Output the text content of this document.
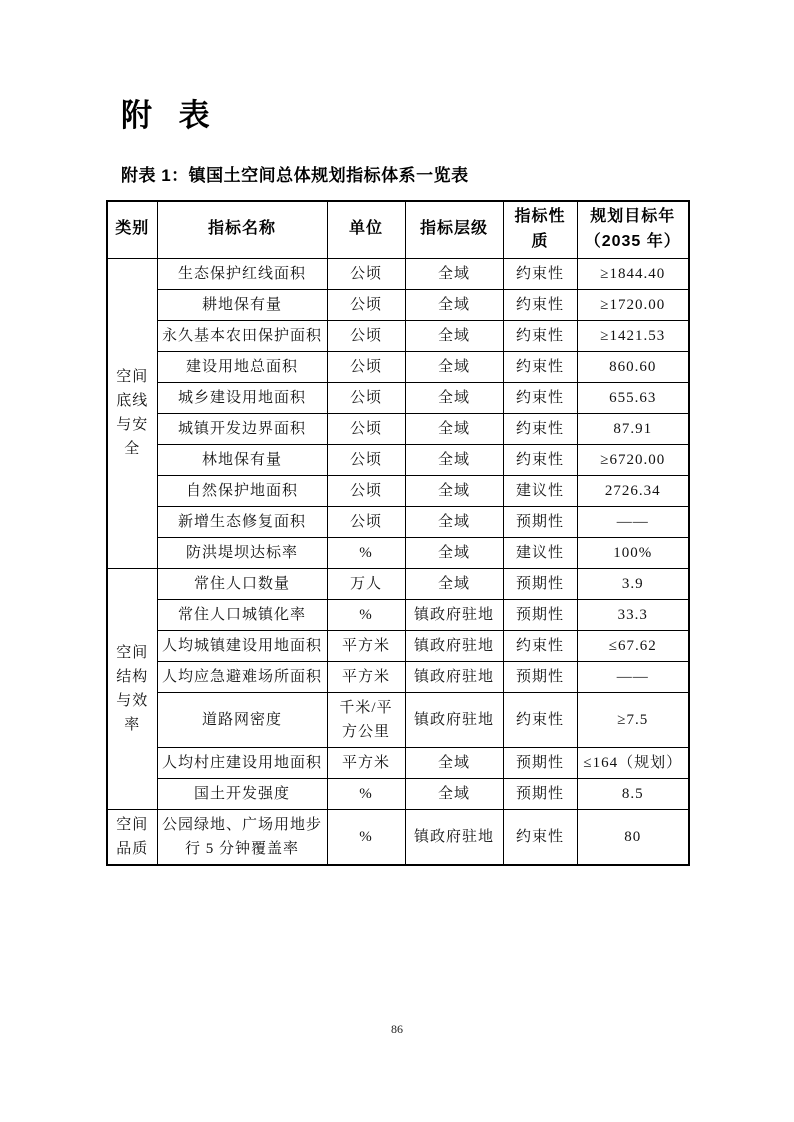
附 表
附表 1：镇国土空间总体规划指标体系一览表
类别	指标名称	单位	指标层级	指标性质	规划目标年（2035 年）
空间底线与安全	生态保护红线面积	公顷	全域	约束性	≥1844.40
	耕地保有量	公顷	全域	约束性	≥1720.00
	永久基本农田保护面积	公顷	全域	约束性	≥1421.53
	建设用地总面积	公顷	全域	约束性	860.60
	城乡建设用地面积	公顷	全域	约束性	655.63
	城镇开发边界面积	公顷	全域	约束性	87.91
	林地保有量	公顷	全域	约束性	≥6720.00
	自然保护地面积	公顷	全域	建议性	2726.34
	新增生态修复面积	公顷	全域	预期性	——
	防洪堤坝达标率	%	全域	建议性	100%
空间结构与效率	常住人口数量	万人	全域	预期性	3.9
	常住人口城镇化率	%	镇政府驻地	预期性	33.3
	人均城镇建设用地面积	平方米	镇政府驻地	约束性	≤67.62
	人均应急避难场所面积	平方米	镇政府驻地	预期性	——
	道路网密度	千米/平方公里	镇政府驻地	约束性	≥7.5
	人均村庄建设用地面积	平方米	全域	预期性	≤164（规划）
	国土开发强度	%	全域	预期性	8.5
空间品质	公园绿地、广场用地步行 5 分钟覆盖率	%	镇政府驻地	约束性	80
86
